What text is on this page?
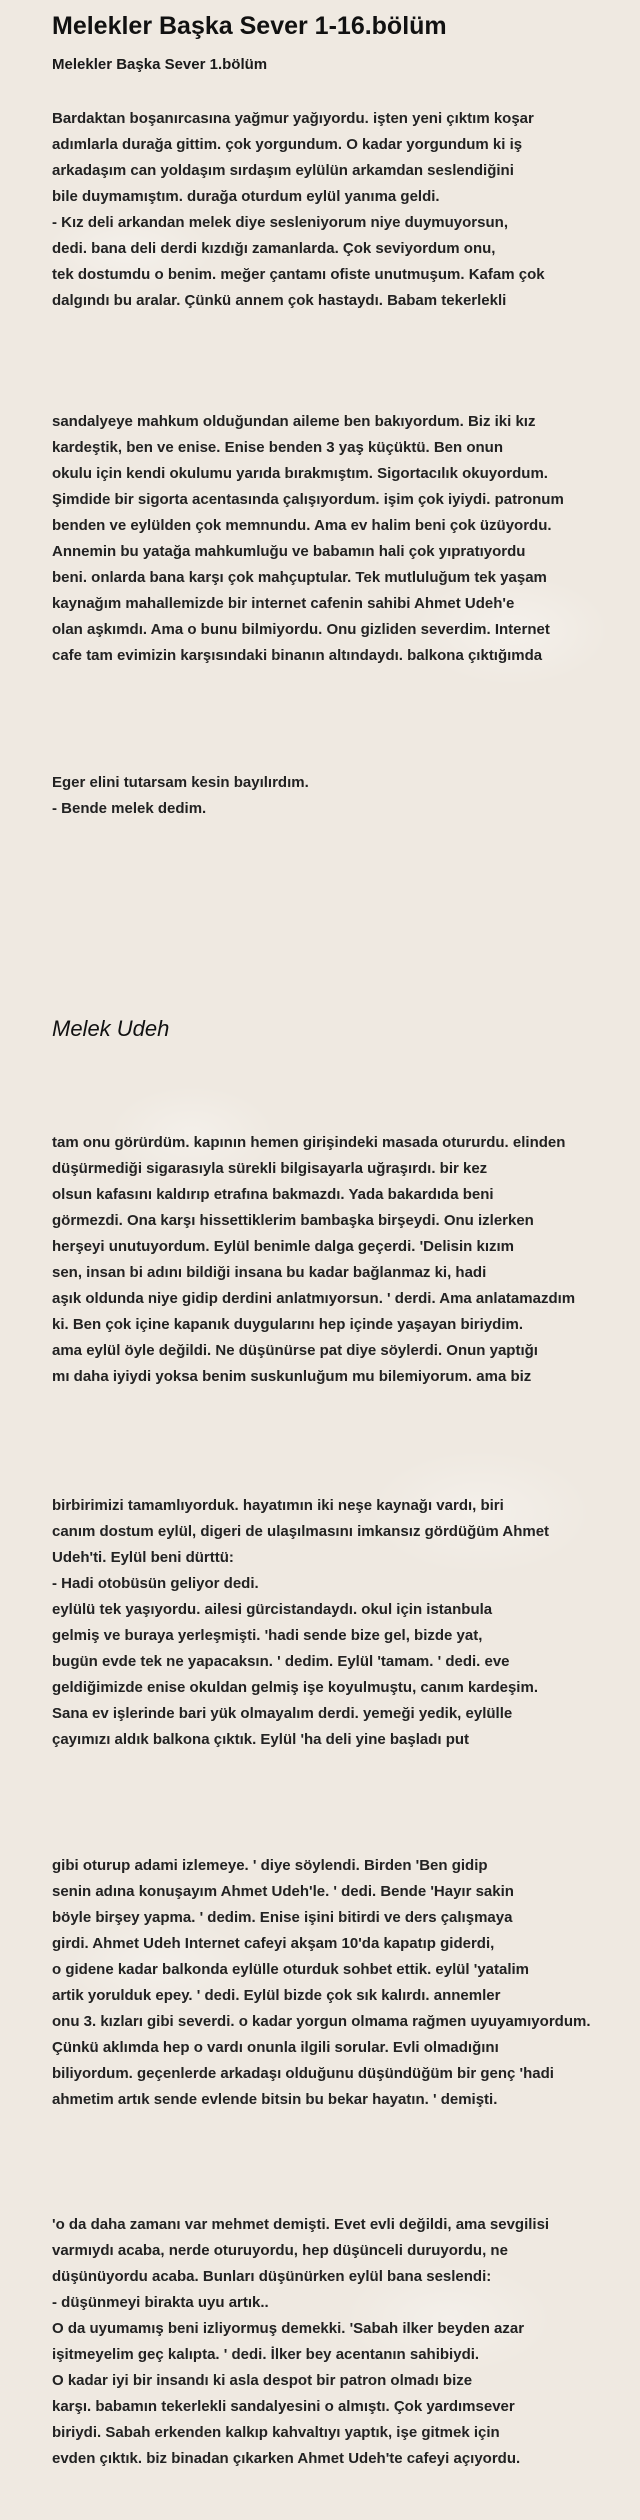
Melekler Başka Sever 1-16.bölüm
Melekler Başka Sever 1.bölüm

Bardaktan boşanırcasına yağmur yağıyordu. işten yeni çıktım koşar
adımlarla durağa gittim. çok yorgundum. O kadar yorgundum ki iş
arkadaşım can yoldaşım sırdaşım eylülün arkamdan seslendiğini
bile duymamıştım. durağa oturdum eylül yanıma geldi.
- Kız deli arkandan melek diye sesleniyorum niye duymuyorsun,
dedi. bana deli derdi kızdığı zamanlarda. Çok seviyordum onu,
tek dostumdu o benim. meğer çantamı ofiste unutmuşum. Kafam çok
dalgındı bu aralar. Çünkü annem çok hastaydı. Babam tekerlekli

sandalyeye mahkum olduğundan aileme ben bakıyordum. Biz iki kız
kardeştik, ben ve enise. Enise benden 3 yaş küçüktü. Ben onun
okulu için kendi okulumu yarıda bırakmıştım. Sigortacılık okuyordum.
Şimdide bir sigorta acentasında çalışıyordum. işim çok iyiydi. patronum
benden ve eylülden çok memnundu. Ama ev halim beni çok üzüyordu.
Annemin bu yatağa mahkumluğu ve babamın hali çok yıpratıyordu
beni. onlarda bana karşı çok mahçuptular. Tek mutluluğum tek yaşam
kaynağım mahallemizde bir internet cafenin sahibi Ahmet Udeh'e
olan aşkımdı. Ama o bunu bilmiyordu. Onu gizliden severdim. Internet
cafe tam evimizin karşısındaki binanın altındaydı. balkona çıktığımda

Eger elini tutarsam kesin bayılırdım.
- Bende melek dedim.

Melek Udeh

tam onu görürdüm. kapının hemen girişindeki masada otururdu. elinden
düşürmediği sigarasıyla sürekli bilgisayarla uğraşırdı. bir kez
olsun kafasını kaldırıp etrafına bakmazdı. Yada bakardıda beni
görmezdi. Ona karşı hissettiklerim bambaşka birşeydi. Onu izlerken
herşeyi unutuyordum. Eylül benimle dalga geçerdi. 'Delisin kızım
sen, insan bi adını bildiği insana bu kadar bağlanmaz ki, hadi
aşık oldunda niye gidip derdini anlatmıyorsun. ' derdi. Ama anlatamazdım
ki. Ben çok içine kapanık duygularını hep içinde yaşayan biriydim.
ama eylül öyle değildi. Ne düşünürse pat diye söylerdi. Onun yaptığı
mı daha iyiydi yoksa benim suskunluğum mu bilemiyorum. ama biz

birbirimizi tamamlıyorduk. hayatımın iki neşe kaynağı vardı, biri
canım dostum eylül, digeri de ulaşılmasını imkansız gördüğüm Ahmet
Udeh'ti. Eylül beni dürttü:
- Hadi otobüsün geliyor dedi.
eylülü tek yaşıyordu. ailesi gürcistandaydı. okul için istanbula
gelmiş ve buraya yerleşmişti. 'hadi sende bize gel, bizde yat,
bugün evde tek ne yapacaksın. ' dedim. Eylül 'tamam. ' dedi. eve
geldiğimizde enise okuldan gelmiş işe koyulmuştu, canım kardeşim.
Sana ev işlerinde bari yük olmayalım derdi. yemeği yedik, eylülle
çayımızı aldık balkona çıktık. Eylül 'ha deli yine başladı put

gibi oturup adami izlemeye. ' diye söylendi. Birden 'Ben gidip
senin adına konuşayım Ahmet Udeh'le. ' dedi. Bende 'Hayır sakin
böyle birşey yapma. ' dedim. Enise işini bitirdi ve ders çalışmaya
girdi. Ahmet Udeh Internet cafeyi akşam 10'da kapatıp giderdi,
o gidene kadar balkonda eylülle oturduk sohbet ettik. eylül 'yatalim
artik yorulduk epey. ' dedi. Eylül bizde çok sık kalırdı. annemler
onu 3. kızları gibi severdi. o kadar yorgun olmama rağmen uyuyamıyordum.
Çünkü aklımda hep o vardı onunla ilgili sorular. Evli olmadığını
biliyordum. geçenlerde arkadaşı olduğunu düşündüğüm bir genç 'hadi
ahmetim artık sende evlende bitsin bu bekar hayatın. ' demişti.

'o da daha zamanı var mehmet demişti. Evet evli değildi, ama sevgilisi
varmıydı acaba, nerde oturuyordu, hep düşünceli duruyordu, ne
düşünüyordu acaba. Bunları düşünürken eylül bana seslendi:
- düşünmeyi birakta uyu artık..
O da uyumamış beni izliyormuş demekki. 'Sabah ilker beyden azar
işitmeyelim geç kalıpta. ' dedi. İlker bey acentanın sahibiydi.
O kadar iyi bir insandı ki asla despot bir patron olmadı bize
karşı. babamın tekerlekli sandalyesini o almıştı. Çok yardımsever
biriydi. Sabah erkenden kalkıp kahvaltıyı yaptık, işe gitmek için
evden çıktık. biz binadan çıkarken Ahmet Udeh'te cafeyi açıyordu.
